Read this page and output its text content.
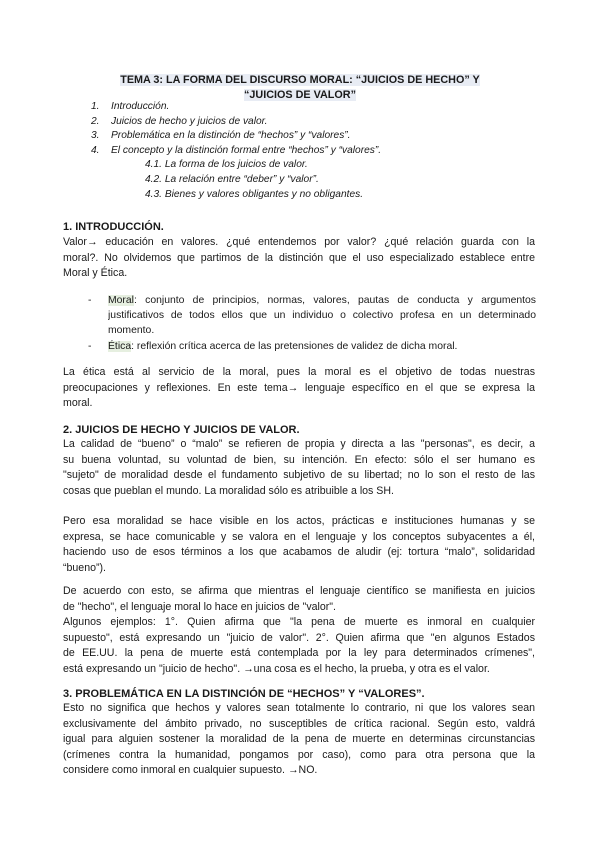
TEMA 3: LA FORMA DEL DISCURSO MORAL: “JUICIOS DE HECHO” Y
“JUICIOS DE VALOR”
1. Introducción.
2. Juicios de hecho y juicios de valor.
3. Problemática en la distinción de “hechos” y “valores”.
4. El concepto y la distinción formal entre “hechos” y “valores”.
4.1. La forma de los juicios de valor.
4.2. La relación entre “deber” y “valor”.
4.3. Bienes y valores obligantes y no obligantes.
1. INTRODUCCIÓN.
Valor→ educación en valores. ¿qué entendemos por valor? ¿qué relación guarda con la
moral?. No olvidemos que partimos de la distinción que el uso especializado establece entre
Moral y Ética.
- Moral: conjunto de principios, normas, valores, pautas de conducta y argumentos
justificativos de todos ellos que un individuo o colectivo profesa en un determinado
momento.
- Ética: reflexión crítica acerca de las pretensiones de validez de dicha moral.
La ética está al servicio de la moral, pues la moral es el objetivo de todas nuestras
preocupaciones y reflexiones. En este tema→ lenguaje específico en el que se expresa la
moral.
2. JUICIOS DE HECHO Y JUICIOS DE VALOR.
La calidad de “bueno” o “malo” se refieren de propia y directa a las "personas", es decir, a
su buena voluntad, su voluntad de bien, su intención. En efecto: sólo el ser humano es
"sujeto" de moralidad desde el fundamento subjetivo de su libertad; no lo son el resto de las
cosas que pueblan el mundo. La moralidad sólo es atribuible a los SH.
Pero esa moralidad se hace visible en los actos, prácticas e instituciones humanas y se
expresa, se hace comunicable y se valora en el lenguaje y los conceptos subyacentes a él,
haciendo uso de esos términos a los que acabamos de aludir (ej: tortura “malo”, solidaridad
“bueno”).
De acuerdo con esto, se afirma que mientras el lenguaje científico se manifiesta en juicios
de "hecho", el lenguaje moral lo hace en juicios de "valor".
Algunos ejemplos: 1°. Quien afirma que "la pena de muerte es inmoral en cualquier
supuesto", está expresando un "juicio de valor". 2°. Quien afirma que "en algunos Estados
de EE.UU. la pena de muerte está contemplada por la ley para determinados crímenes",
está expresando un "juicio de hecho". →una cosa es el hecho, la prueba, y otra es el valor.
3. PROBLEMÁTICA EN LA DISTINCIÓN DE “HECHOS” Y “VALORES”.
Esto no significa que hechos y valores sean totalmente lo contrario, ni que los valores sean
exclusivamente del ámbito privado, no susceptibles de crítica racional. Según esto, valdrá
igual para alguien sostener la moralidad de la pena de muerte en determinas circunstancias
(crímenes contra la humanidad, pongamos por caso), como para otra persona que la
considere como inmoral en cualquier supuesto. →NO.
